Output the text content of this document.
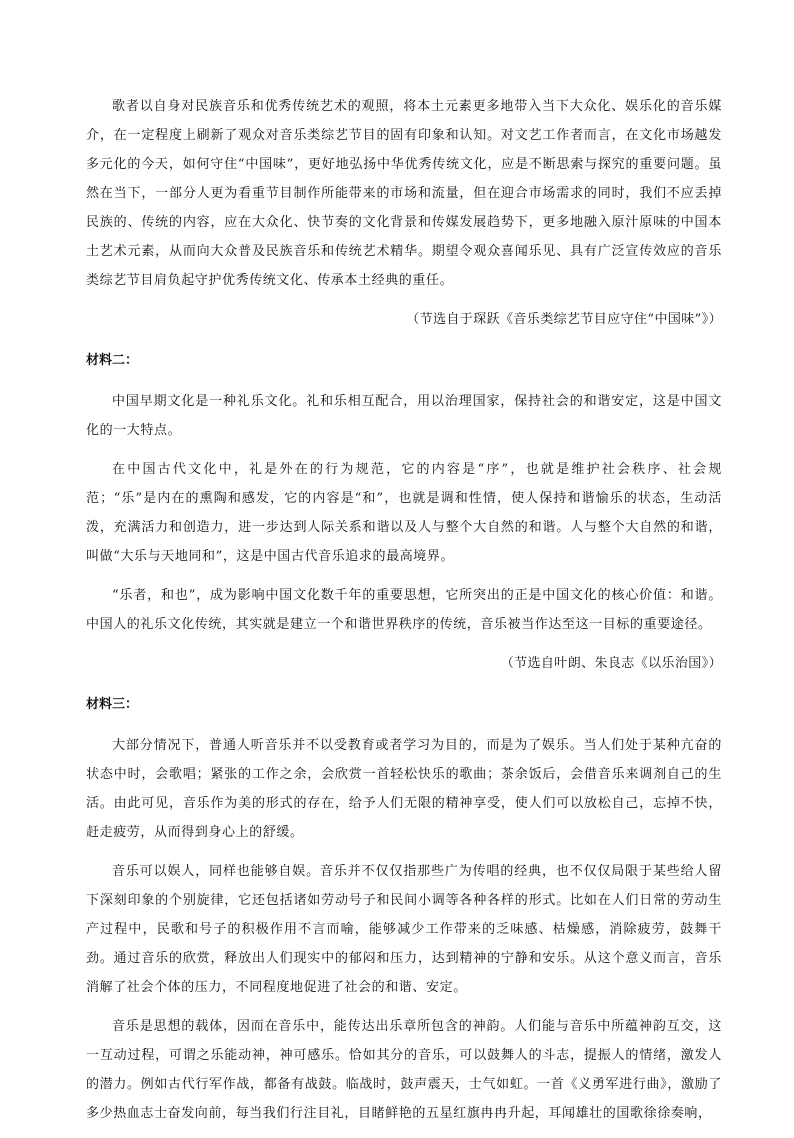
歌者以自身对民族音乐和优秀传统艺术的观照，将本土元素更多地带入当下大众化、娱乐化的音乐媒介，在一定程度上刷新了观众对音乐类综艺节目的固有印象和认知。对文艺工作者而言，在文化市场越发多元化的今天，如何守住“中国味”，更好地弘扬中华优秀传统文化，应是不断思索与探究的重要问题。虽然在当下，一部分人更为看重节目制作所能带来的市场和流量，但在迎合市场需求的同时，我们不应丢掉民族的、传统的内容，应在大众化、快节奏的文化背景和传媒发展趋势下，更多地融入原汁原味的中国本土艺术元素，从而向大众普及民族音乐和传统艺术精华。期望令观众喜闻乐见、具有广泛宣传效应的音乐类综艺节目肩负起守护优秀传统文化、传承本土经典的重任。

（节选自于琛跃《音乐类综艺节目应守住“中国味”》）

材料二：

中国早期文化是一种礼乐文化。礼和乐相互配合，用以治理国家，保持社会的和谐安定，这是中国文化的一大特点。

在中国古代文化中，礼是外在的行为规范，它的内容是“序”，也就是维护社会秩序、社会规范；“乐”是内在的熏陶和感发，它的内容是“和”，也就是调和性情，使人保持和谐愉乐的状态，生动活泼，充满活力和创造力，进一步达到人际关系和谐以及人与整个大自然的和谐。人与整个大自然的和谐，叫做“大乐与天地同和”，这是中国古代音乐追求的最高境界。

“乐者，和也”，成为影响中国文化数千年的重要思想，它所突出的正是中国文化的核心价值：和谐。中国人的礼乐文化传统，其实就是建立一个和谐世界秩序的传统，音乐被当作达至这一目标的重要途径。

（节选自叶朗、朱良志《以乐治国》）

材料三：

大部分情况下，普通人听音乐并不以受教育或者学习为目的，而是为了娱乐。当人们处于某种亢奋的状态中时，会歌唱；紧张的工作之余，会欣赏一首轻松快乐的歌曲；茶余饭后，会借音乐来调剂自己的生活。由此可见，音乐作为美的形式的存在，给予人们无限的精神享受，使人们可以放松自己，忘掉不快，赶走疲劳，从而得到身心上的舒缓。

音乐可以娱人，同样也能够自娱。音乐并不仅仅指那些广为传唱的经典，也不仅仅局限于某些给人留下深刻印象的个别旋律，它还包括诸如劳动号子和民间小调等各种各样的形式。比如在人们日常的劳动生产过程中，民歌和号子的积极作用不言而喻，能够减少工作带来的乏味感、枯燥感，消除疲劳，鼓舞干劲。通过音乐的欣赏，释放出人们现实中的郁闷和压力，达到精神的宁静和安乐。从这个意义而言，音乐消解了社会个体的压力，不同程度地促进了社会的和谐、安定。

音乐是思想的载体，因而在音乐中，能传达出乐章所包含的神韵。人们能与音乐中所蕴神韵互交，这一互动过程，可谓之乐能动神，神可感乐。恰如其分的音乐，可以鼓舞人的斗志，提振人的情绪，激发人的潜力。例如古代行军作战，都备有战鼓。临战时，鼓声震天，士气如虹。一首《义勇军进行曲》，激励了多少热血志士奋发向前，每当我们行注目礼，目睹鲜艳的五星红旗冉冉升起，耳闻雄壮的国歌徐徐奏响，
